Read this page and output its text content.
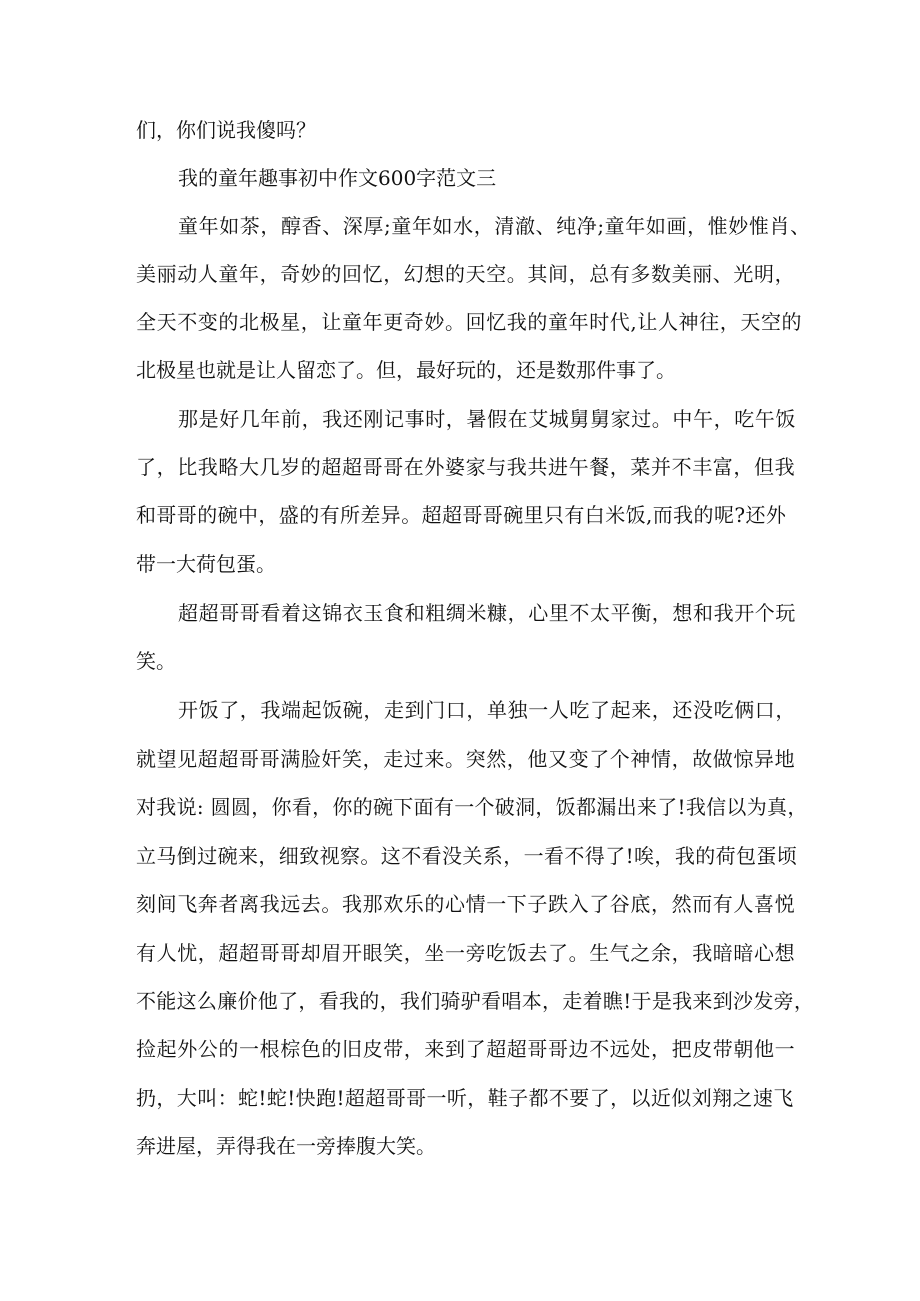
们，你们说我傻吗？

我的童年趣事初中作文600字范文三

童年如茶，醇香、深厚;童年如水，清澈、纯净;童年如画，惟妙惟肖、

美丽动人童年，奇妙的回忆，幻想的天空。其间，总有多数美丽、光明，

全天不变的北极星，让童年更奇妙。回忆我的童年时代,让人神往，天空的

北极星也就是让人留恋了。但，最好玩的，还是数那件事了。

那是好几年前，我还刚记事时，暑假在艾城舅舅家过。中午，吃午饭

了，比我略大几岁的超超哥哥在外婆家与我共进午餐，菜并不丰富，但我

和哥哥的碗中，盛的有所差异。超超哥哥碗里只有白米饭,而我的呢?还外

带一大荷包蛋。

超超哥哥看着这锦衣玉食和粗绸米糠，心里不太平衡，想和我开个玩

笑。

开饭了，我端起饭碗，走到门口，单独一人吃了起来，还没吃俩口，

就望见超超哥哥满脸奸笑，走过来。突然，他又变了个神情，故做惊异地

对我说: 圆圆，你看，你的碗下面有一个破洞，饭都漏出来了!我信以为真，

立马倒过碗来，细致视察。这不看没关系，一看不得了!唉，我的荷包蛋顷

刻间飞奔者离我远去。我那欢乐的心情一下子跌入了谷底，然而有人喜悦

有人忧，超超哥哥却眉开眼笑，坐一旁吃饭去了。生气之余，我暗暗心想

不能这么廉价他了，看我的，我们骑驴看唱本，走着瞧!于是我来到沙发旁，

捡起外公的一根棕色的旧皮带，来到了超超哥哥边不远处，把皮带朝他一

扔，大叫：蛇!蛇!快跑!超超哥哥一听，鞋子都不要了，以近似刘翔之速飞

奔进屋，弄得我在一旁捧腹大笑。
